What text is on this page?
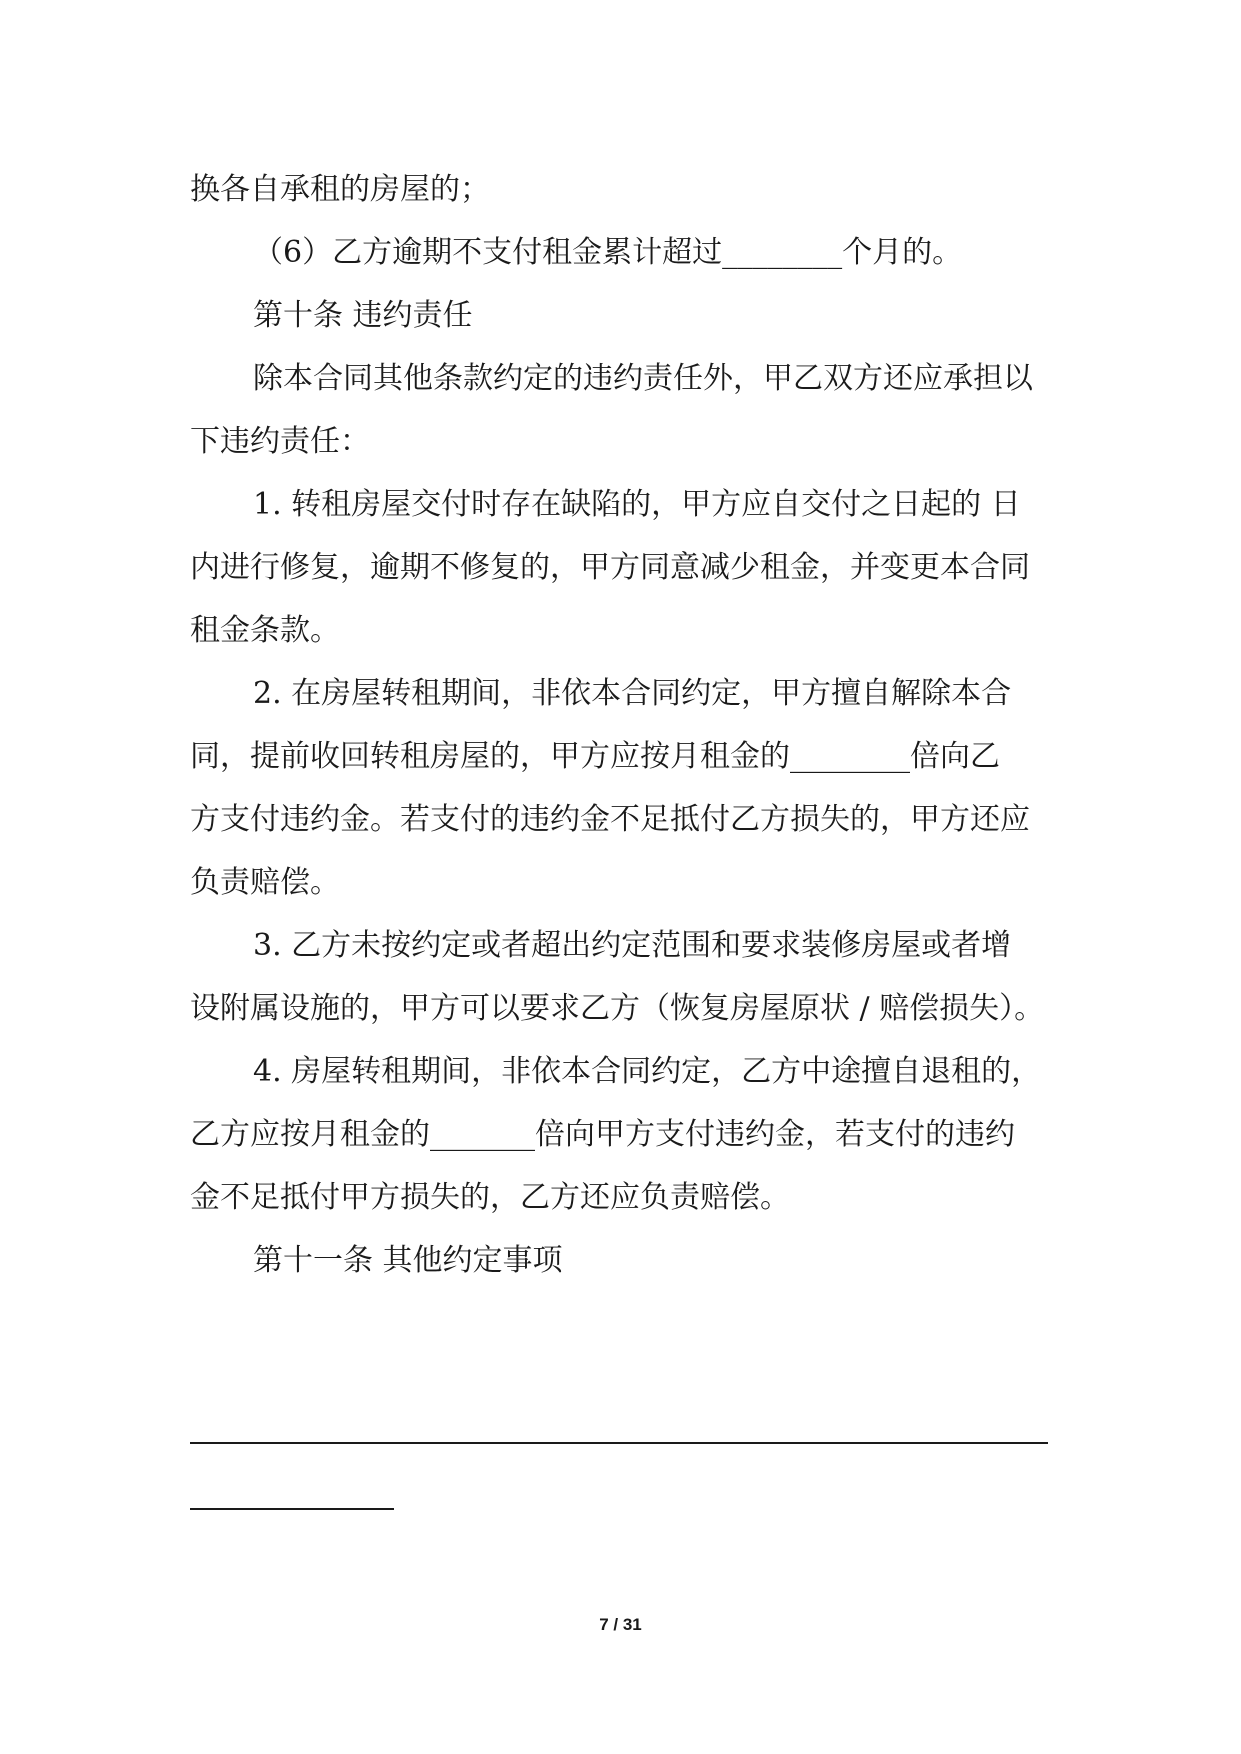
换各自承租的房屋的；

（6）乙方逾期不支付租金累计超过________个月的。

第十条 违约责任

除本合同其他条款约定的违约责任外，甲乙双方还应承担以

下违约责任：

1. 转租房屋交付时存在缺陷的，甲方应自交付之日起的 日

内进行修复，逾期不修复的，甲方同意减少租金，并变更本合同

租金条款。

2. 在房屋转租期间，非依本合同约定，甲方擅自解除本合

同，提前收回转租房屋的，甲方应按月租金的________倍向乙

方支付违约金。若支付的违约金不足抵付乙方损失的，甲方还应

负责赔偿。

3. 乙方未按约定或者超出约定范围和要求装修房屋或者增

设附属设施的，甲方可以要求乙方（恢复房屋原状 / 赔偿损失）。

4. 房屋转租期间，非依本合同约定，乙方中途擅自退租的，

乙方应按月租金的_______倍向甲方支付违约金，若支付的违约

金不足抵付甲方损失的，乙方还应负责赔偿。

第十一条 其他约定事项

7 / 31
